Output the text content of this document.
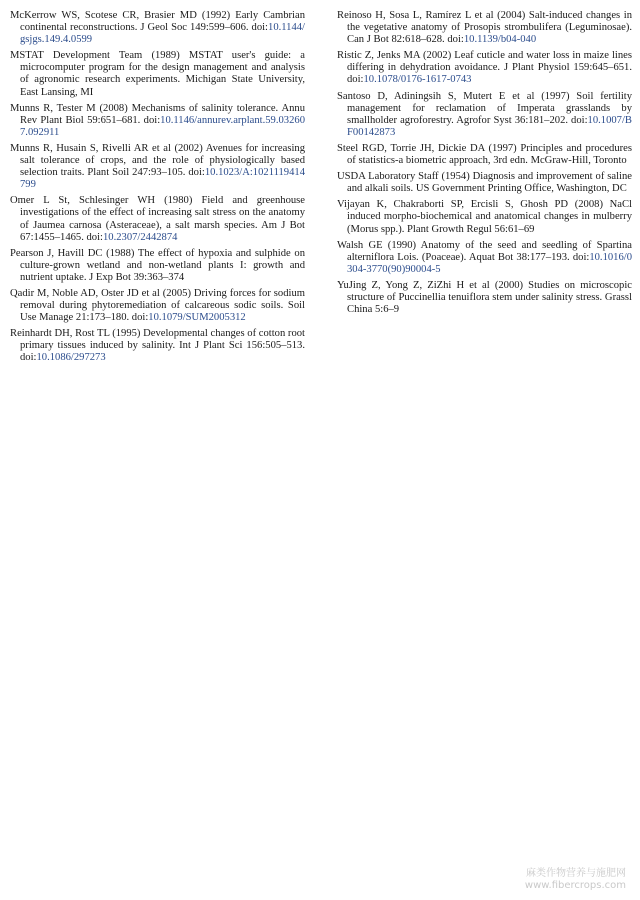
McKerrow WS, Scotese CR, Brasier MD (1992) Early Cambrian continental reconstructions. J Geol Soc 149:599–606. doi:10.1144/gsjgs.149.4.0599

MSTAT Development Team (1989) MSTAT user's guide: a microcomputer program for the design management and analysis of agronomic research experiments. Michigan State University, East Lansing, MI

Munns R, Tester M (2008) Mechanisms of salinity tolerance. Annu Rev Plant Biol 59:651–681. doi:10.1146/annurev.arplant.59.032607.092911

Munns R, Husain S, Rivelli AR et al (2002) Avenues for increasing salt tolerance of crops, and the role of physiologically based selection traits. Plant Soil 247:93–105. doi:10.1023/A:1021119414799

Omer L St, Schlesinger WH (1980) Field and greenhouse investigations of the effect of increasing salt stress on the anatomy of Jaumea carnosa (Asteraceae), a salt marsh species. Am J Bot 67:1455–1465. doi:10.2307/2442874

Pearson J, Havill DC (1988) The effect of hypoxia and sulphide on culture-grown wetland and non-wetland plants I: growth and nutrient uptake. J Exp Bot 39:363–374

Qadir M, Noble AD, Oster JD et al (2005) Driving forces for sodium removal during phytoremediation of calcareous sodic soils. Soil Use Manage 21:173–180. doi:10.1079/SUM2005312

Reinhardt DH, Rost TL (1995) Developmental changes of cotton root primary tissues induced by salinity. Int J Plant Sci 156:505–513. doi:10.1086/297273

Reinoso H, Sosa L, Ramírez L et al (2004) Salt-induced changes in the vegetative anatomy of Prosopis strombulifera (Leguminosae). Can J Bot 82:618–628. doi:10.1139/b04-040

Ristic Z, Jenks MA (2002) Leaf cuticle and water loss in maize lines differing in dehydration avoidance. J Plant Physiol 159:645–651. doi:10.1078/0176-1617-0743

Santoso D, Adiningsih S, Mutert E et al (1997) Soil fertility management for reclamation of Imperata grasslands by smallholder agroforestry. Agrofor Syst 36:181–202. doi:10.1007/BF00142873

Steel RGD, Torrie JH, Dickie DA (1997) Principles and procedures of statistics-a biometric approach, 3rd edn. McGraw-Hill, Toronto

USDA Laboratory Staff (1954) Diagnosis and improvement of saline and alkali soils. US Government Printing Office, Washington, DC

Vijayan K, Chakraborti SP, Ercisli S, Ghosh PD (2008) NaCl induced morpho-biochemical and anatomical changes in mulberry (Morus spp.). Plant Growth Regul 56:61–69

Walsh GE (1990) Anatomy of the seed and seedling of Spartina alterniflora Lois. (Poaceae). Aquat Bot 38:177–193. doi:10.1016/0304-3770(90)90004-5

YuJing Z, Yong Z, ZiZhi H et al (2000) Studies on microscopic structure of Puccinellia tenuiflora stem under salinity stress. Grassl China 5:6–9

麻类作物营养与施肥网
www.fibercrops.com
